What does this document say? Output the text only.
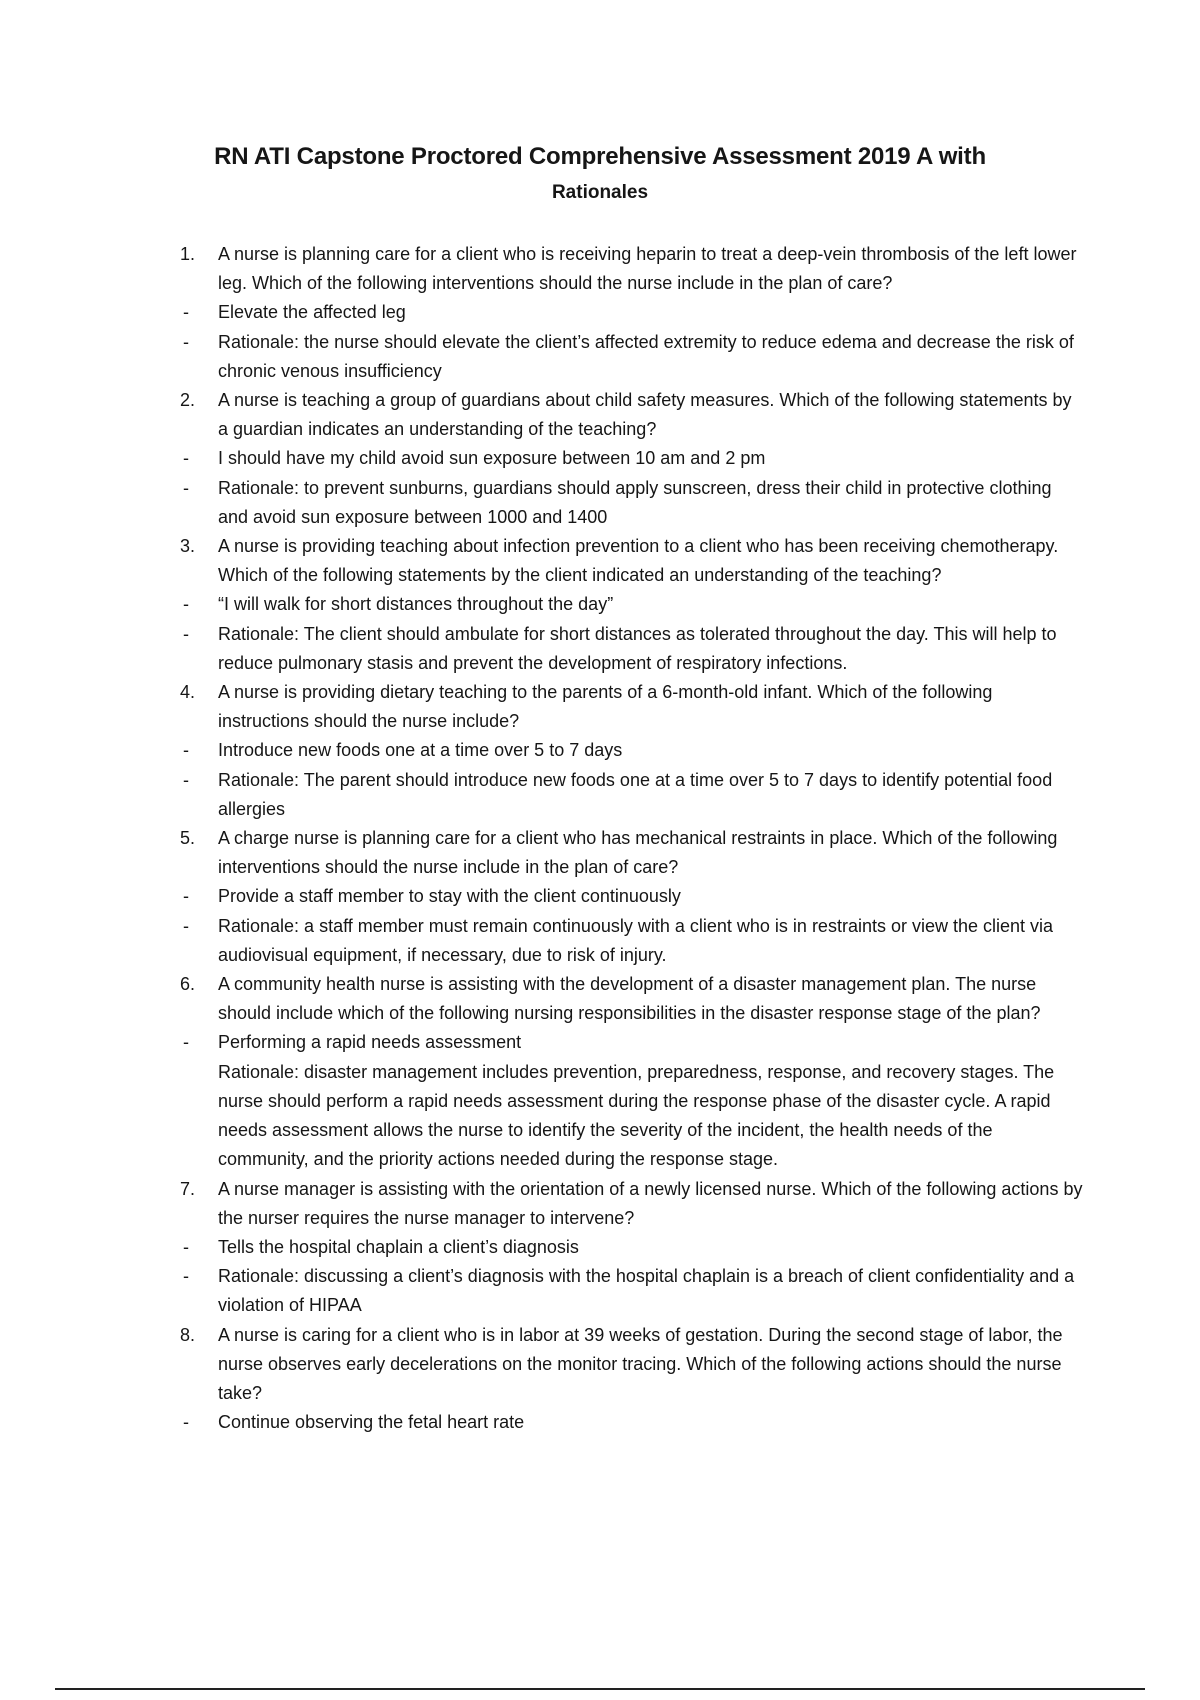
RN ATI Capstone Proctored Comprehensive Assessment 2019 A with
Rationales
1.	A nurse is planning care for a client who is receiving heparin to treat a deep-vein thrombosis of the left lower leg. Which of the following interventions should the nurse include in the plan of care?
-	Elevate the affected leg
-	Rationale: the nurse should elevate the client’s affected extremity to reduce edema and decrease the risk of chronic venous insufficiency
2.	A nurse is teaching a group of guardians about child safety measures. Which of the following statements by a guardian indicates an understanding of the teaching?
-	I should have my child avoid sun exposure between 10 am and 2 pm
-	Rationale: to prevent sunburns, guardians should apply sunscreen, dress their child in protective clothing and avoid sun exposure between 1000 and 1400
3.	A nurse is providing teaching about infection prevention to a client who has been receiving chemotherapy. Which of the following statements by the client indicated an understanding of the teaching?
-	“I will walk for short distances throughout the day”
-	Rationale: The client should ambulate for short distances as tolerated throughout the day. This will help to reduce pulmonary stasis and prevent the development of respiratory infections.
4.	A nurse is providing dietary teaching to the parents of a 6-month-old infant. Which of the following instructions should the nurse include?
-	Introduce new foods one at a time over 5 to 7 days
-	Rationale: The parent should introduce new foods one at a time over 5 to 7 days to identify potential food allergies
5.	A charge nurse is planning care for a client who has mechanical restraints in place. Which of the following interventions should the nurse include in the plan of care?
-	Provide a staff member to stay with the client continuously
-	Rationale: a staff member must remain continuously with a client who is in restraints or view the client via audiovisual equipment, if necessary, due to risk of injury.
6.	A community health nurse is assisting with the development of a disaster management plan. The nurse should include which of the following nursing responsibilities in the disaster response stage of the plan?
-	Performing a rapid needs assessment
Rationale: disaster management includes prevention, preparedness, response, and recovery stages. The nurse should perform a rapid needs assessment during the response phase of the disaster cycle. A rapid needs assessment allows the nurse to identify the severity of the incident, the health needs of the community, and the priority actions needed during the response stage.
7.	A nurse manager is assisting with the orientation of a newly licensed nurse. Which of the following actions by the nurser requires the nurse manager to intervene?
-	Tells the hospital chaplain a client’s diagnosis
-	Rationale: discussing a client’s diagnosis with the hospital chaplain is a breach of client confidentiality and a violation of HIPAA
8.	A nurse is caring for a client who is in labor at 39 weeks of gestation. During the second stage of labor, the nurse observes early decelerations on the monitor tracing. Which of the following actions should the nurse take?
-	Continue observing the fetal heart rate
